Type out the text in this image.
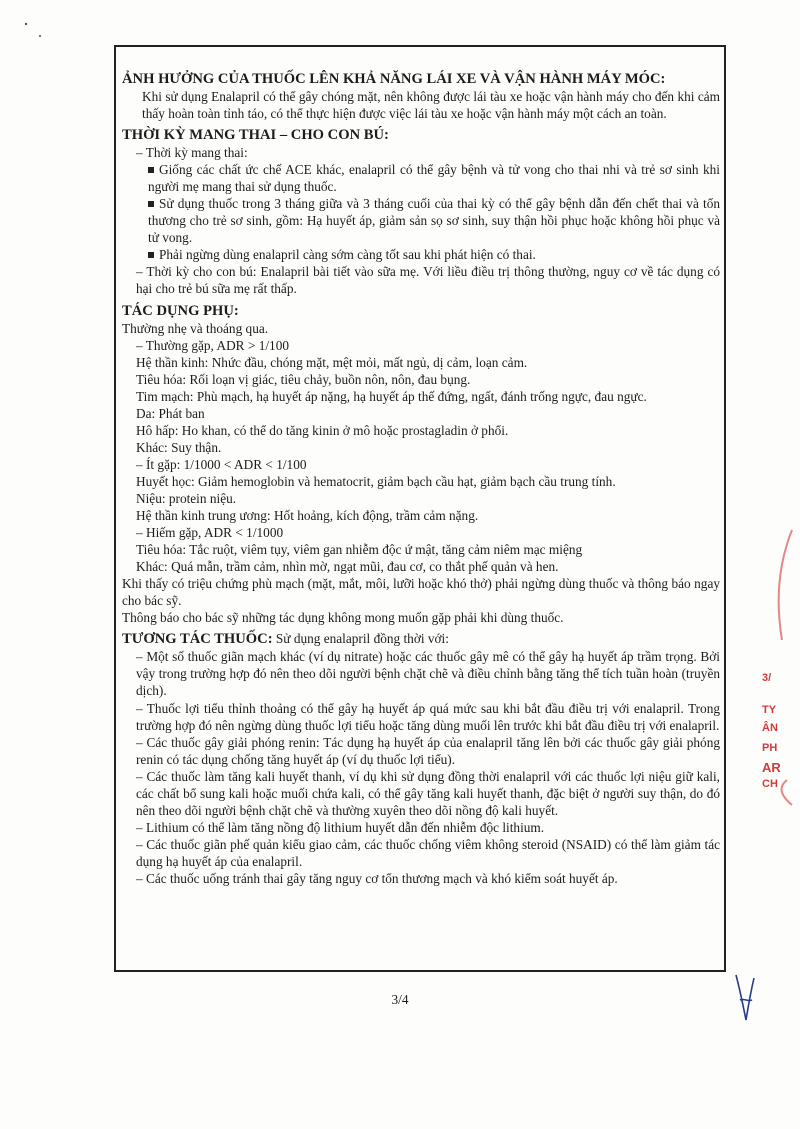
ẢNH HƯỞNG CỦA THUỐC LÊN KHẢ NĂNG LÁI XE VÀ VẬN HÀNH MÁY MÓC:

Khi sử dụng Enalapril có thể gây chóng mặt, nên không được lái tàu xe hoặc vận hành máy cho đến khi cảm thấy hoàn toàn tỉnh táo, có thể thực hiện được việc lái tàu xe hoặc vận hành máy một cách an toàn.

THỜI KỲ MANG THAI – CHO CON BÚ:

– Thời kỳ mang thai:

Giống các chất ức chế ACE khác, enalapril có thể gây bệnh và tử vong cho thai nhi và trẻ sơ sinh khi người mẹ mang thai sử dụng thuốc.

Sử dụng thuốc trong 3 tháng giữa và 3 tháng cuối của thai kỳ có thể gây bệnh dẫn đến chết thai và tổn thương cho trẻ sơ sinh, gồm: Hạ huyết áp, giảm sản sọ sơ sinh, suy thận hồi phục hoặc không hồi phục và tử vong.

Phải ngừng dùng enalapril càng sớm càng tốt sau khi phát hiện có thai.

– Thời kỳ cho con bú: Enalapril bài tiết vào sữa mẹ. Với liều điều trị thông thường, nguy cơ về tác dụng có hại cho trẻ bú sữa mẹ rất thấp.

TÁC DỤNG PHỤ:

Thường nhẹ và thoáng qua.

– Thường gặp, ADR > 1/100

Hệ thần kinh: Nhức đầu, chóng mặt, mệt mỏi, mất ngủ, dị cảm, loạn cảm.

Tiêu hóa: Rối loạn vị giác, tiêu chảy, buồn nôn, nôn, đau bụng.

Tim mạch: Phù mạch, hạ huyết áp nặng, hạ huyết áp thế đứng, ngất, đánh trống ngực, đau ngực.

Da: Phát ban

Hô hấp: Ho khan, có thể do tăng kinin ở mô hoặc prostagladin ở phổi.

Khác: Suy thận.

– Ít gặp: 1/1000 < ADR < 1/100

Huyết học: Giảm hemoglobin và hematocrit, giảm bạch cầu hạt, giảm bạch cầu trung tính.

Niệu: protein niệu.

Hệ thần kinh trung ương: Hốt hoảng, kích động, trầm cảm nặng.

– Hiếm gặp, ADR < 1/1000

Tiêu hóa: Tắc ruột, viêm tụy, viêm gan nhiễm độc ứ mật, tăng cảm niêm mạc miệng

Khác: Quá mẫn, trầm cảm, nhìn mờ, ngạt mũi, đau cơ, co thắt phế quản và hen.

Khi thấy có triệu chứng phù mạch (mặt, mắt, môi, lưỡi hoặc khó thở) phải ngừng dùng thuốc và thông báo ngay cho bác sỹ.

Thông báo cho bác sỹ những tác dụng không mong muốn gặp phải khi dùng thuốc.

TƯƠNG TÁC THUỐC: Sử dụng enalapril đồng thời với:

– Một số thuốc giãn mạch khác (ví dụ nitrate) hoặc các thuốc gây mê có thể gây hạ huyết áp trầm trọng. Bởi vậy trong trường hợp đó nên theo dõi người bệnh chặt chẽ và điều chỉnh bằng tăng thể tích tuần hoàn (truyền dịch).

– Thuốc lợi tiểu thỉnh thoảng có thể gây hạ huyết áp quá mức sau khi bắt đầu điều trị với enalapril. Trong trường hợp đó nên ngừng dùng thuốc lợi tiểu hoặc tăng dùng muối lên trước khi bắt đầu điều trị với enalapril.

– Các thuốc gây giải phóng renin: Tác dụng hạ huyết áp của enalapril tăng lên bởi các thuốc gây giải phóng renin có tác dụng chống tăng huyết áp (ví dụ thuốc lợi tiểu).

– Các thuốc làm tăng kali huyết thanh, ví dụ khi sử dụng đồng thời enalapril với các thuốc lợi niệu giữ kali, các chất bổ sung kali hoặc muối chứa kali, có thể gây tăng kali huyết thanh, đặc biệt ở người suy thận, do đó nên theo dõi người bệnh chặt chẽ và thường xuyên theo dõi nồng độ kali huyết.

– Lithium có thể làm tăng nồng độ lithium huyết dẫn đến nhiễm độc lithium.

– Các thuốc giãn phế quản kiểu giao cảm, các thuốc chống viêm không steroid (NSAID) có thể làm giảm tác dụng hạ huyết áp của enalapril.

– Các thuốc uống tránh thai gây tăng nguy cơ tổn thương mạch và khó kiểm soát huyết áp.

3/4
3/
TY
ÂN
PH
AR
CH
